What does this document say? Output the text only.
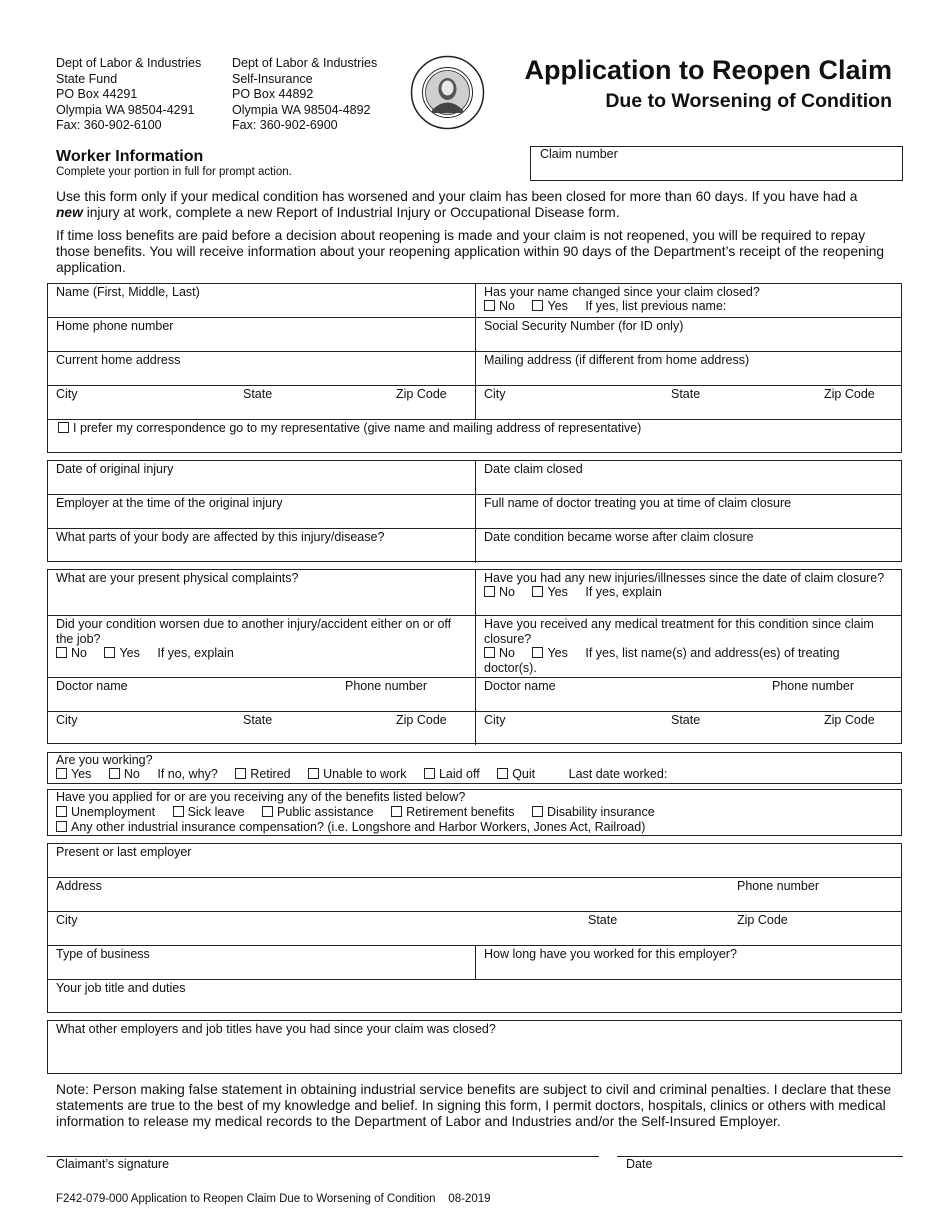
Dept of Labor & Industries
State Fund
PO Box 44291
Olympia WA 98504-4291
Fax: 360-902-6100
Dept of Labor & Industries
Self-Insurance
PO Box 44892
Olympia WA 98504-4892
Fax: 360-902-6900
Application to Reopen Claim
Due to Worsening of Condition
Claim number
Worker Information
Complete your portion in full for prompt action.
Use this form only if your medical condition has worsened and your claim has been closed for more than 60 days. If you have had a new injury at work, complete a new Report of Industrial Injury or Occupational Disease form.
If time loss benefits are paid before a decision about reopening is made and your claim is not reopened, you will be required to repay those benefits. You will receive information about your reopening application within 90 days of the Department’s receipt of the reopening application.
Name (First, Middle, Last)	Has your name changed since your claim closed?
No	Yes If yes, list previous name:
Home phone number	Social Security Number (for ID only)
Current home address	Mailing address (if different from home address)
City	State	Zip Code	City	State	Zip Code
I prefer my correspondence go to my representative (give name and mailing address of representative)
Date of original injury	Date claim closed
Employer at the time of the original injury	Full name of doctor treating you at time of claim closure
What parts of your body are affected by this injury/disease?	Date condition became worse after claim closure
What are your present physical complaints?	Have you had any new injuries/illnesses since the date of claim closure?
No	Yes If yes, explain
Did your condition worsen due to another injury/accident either on or off the job?
No	Yes If yes, explain
Have you received any medical treatment for this condition since claim closure?
No	Yes If yes, list name(s) and address(es) of treating doctor(s).
Doctor name	Phone number	Doctor name	Phone number
City	State	Zip Code	City	State	Zip Code
Are you working?
Yes	No If no, why?	Retired	Unable to work	Laid off	Quit	Last date worked:
Have you applied for or are you receiving any of the benefits listed below?
Unemployment	Sick leave	Public assistance	Retirement benefits	Disability insurance
Any other industrial insurance compensation? (i.e. Longshore and Harbor Workers, Jones Act, Railroad)
Present or last employer
Address	Phone number
City	State	Zip Code
Type of business	How long have you worked for this employer?
Your job title and duties
What other employers and job titles have you had since your claim was closed?
Note: Person making false statement in obtaining industrial service benefits are subject to civil and criminal penalties. I declare that these statements are true to the best of my knowledge and belief. In signing this form, I permit doctors, hospitals, clinics or others with medical information to release my medical records to the Department of Labor and Industries and/or the Self-Insured Employer.
Claimant’s signature	Date
F242-079-000 Application to Reopen Claim Due to Worsening of Condition    08-2019
